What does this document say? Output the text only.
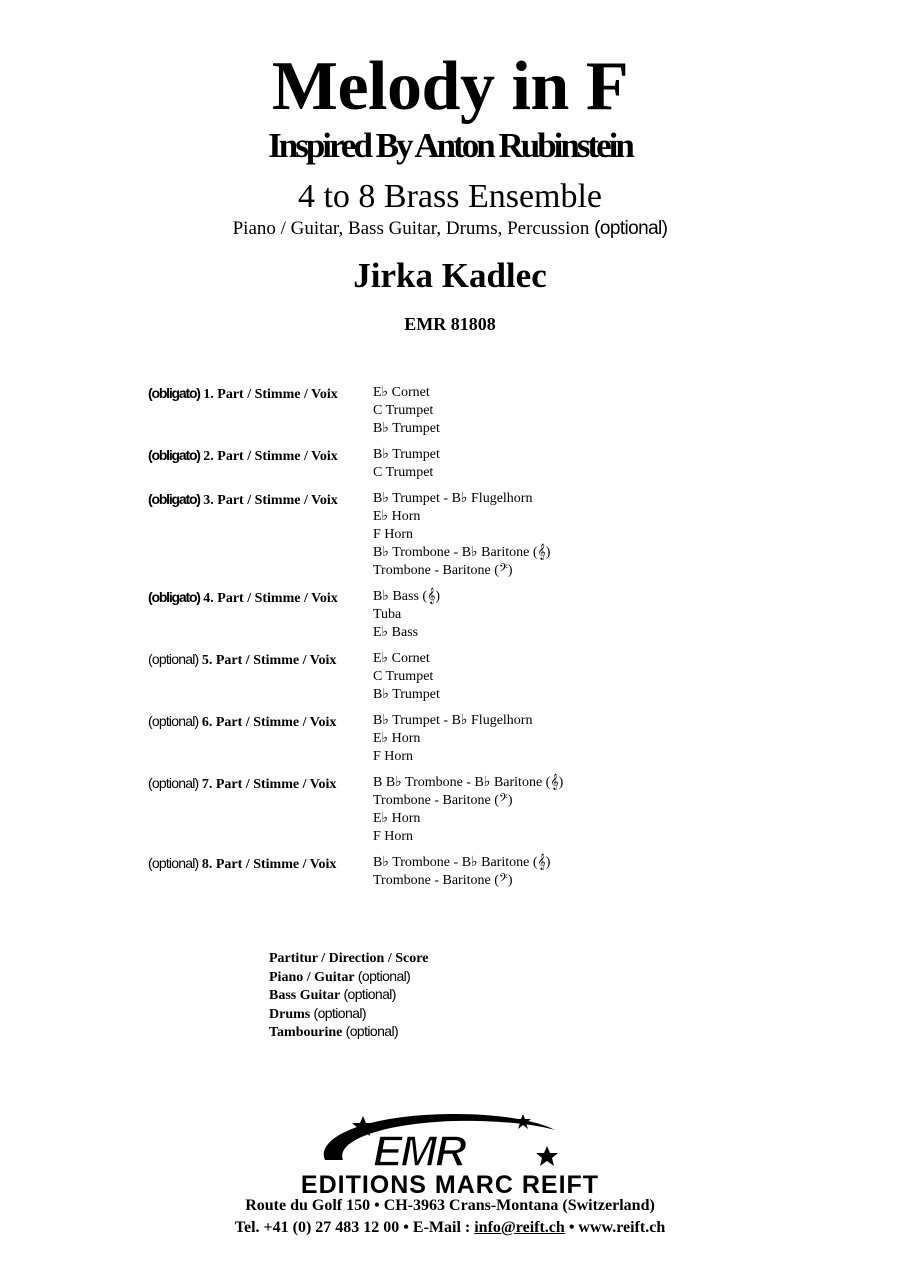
Melody in F
Inspired By Anton Rubinstein
4 to 8 Brass Ensemble
Piano / Guitar, Bass Guitar, Drums, Percussion (optional)
Jirka Kadlec
EMR 81808
(obligato) 1. Part / Stimme / Voix	E♭ Cornet
C Trumpet
B♭ Trumpet
(obligato) 2. Part / Stimme / Voix	B♭ Trumpet
C Trumpet
(obligato) 3. Part / Stimme / Voix	B♭ Trumpet - B♭ Flugelhorn
E♭ Horn
F Horn
B♭ Trombone - B♭ Baritone (𝄞)
Trombone - Baritone (𝄢)
(obligato) 4. Part / Stimme / Voix	B♭ Bass (𝄞)
Tuba
E♭ Bass
(optional) 5. Part / Stimme / Voix	E♭ Cornet
C Trumpet
B♭ Trumpet
(optional) 6. Part / Stimme / Voix	B♭ Trumpet - B♭ Flugelhorn
E♭ Horn
F Horn
(optional) 7. Part / Stimme / Voix	B B♭ Trombone - B♭ Baritone (𝄞)
Trombone - Baritone (𝄢)
E♭ Horn
F Horn
(optional) 8. Part / Stimme / Voix	B♭ Trombone - B♭ Baritone (𝄞)
Trombone - Baritone (𝄢)
Partitur / Direction / Score
Piano / Guitar (optional)
Bass Guitar (optional)
Drums (optional)
Tambourine (optional)
EMR
EDITIONS MARC REIFT
Route du Golf 150 • CH-3963 Crans-Montana (Switzerland)
Tel. +41 (0) 27 483 12 00 • E-Mail : info@reift.ch • www.reift.ch
